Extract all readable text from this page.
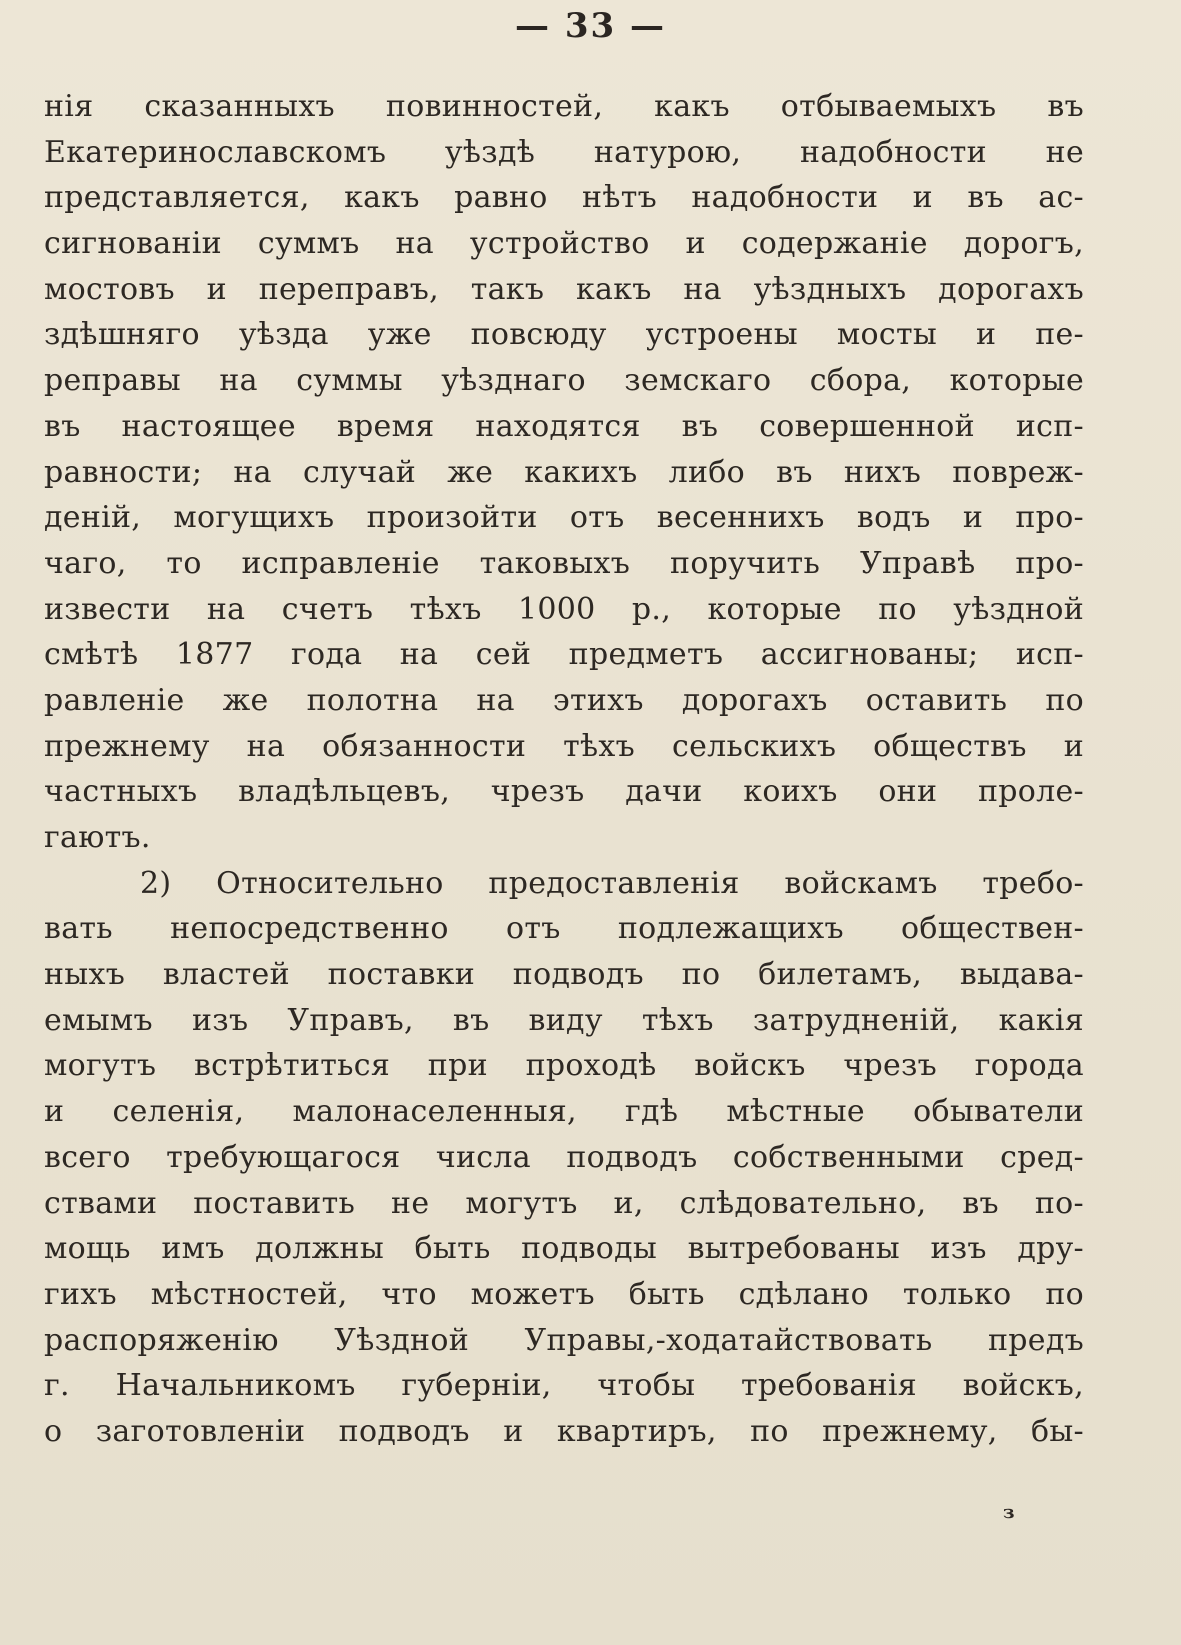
— 33 —
нія сказанныхъ повинностей, какъ отбываемыхъ въ
Екатеринославскомъ уѣздѣ натурою, надобности не
представляется, какъ равно нѣтъ надобности и въ ас-
сигнованіи суммъ на устройство и содержаніе дорогъ,
мостовъ и переправъ, такъ какъ на уѣздныхъ дорогахъ
здѣшняго уѣзда уже повсюду устроены мосты и пе-
реправы на суммы уѣзднаго земскаго сбора, которые
въ настоящее время находятся въ совершенной исп-
равности; на случай же какихъ либо въ нихъ повреж-
деній, могущихъ произойти отъ весеннихъ водъ и про-
чаго, то исправленіе таковыхъ поручить Управѣ про-
извести на счетъ тѣхъ 1000 р., которые по уѣздной
смѣтѣ 1877 года на сей предметъ ассигнованы; исп-
равленіе же полотна на этихъ дорогахъ оставить по
прежнему на обязанности тѣхъ сельскихъ обществъ и
частныхъ владѣльцевъ, чрезъ дачи коихъ они проле-
гаютъ.
2) Относительно предоставленія войскамъ требо-
вать непосредственно отъ подлежащихъ обществен-
ныхъ властей поставки подводъ по билетамъ, выдава-
емымъ изъ Управъ, въ виду тѣхъ затрудненій, какія
могутъ встрѣтиться при проходѣ войскъ чрезъ города
и селенія, малонаселенныя, гдѣ мѣстные обыватели
всего требующагося числа подводъ собственными сред-
ствами поставить не могутъ и, слѣдовательно, въ по-
мощь имъ должны быть подводы вытребованы изъ дру-
гихъ мѣстностей, что можетъ быть сдѣлано только по
распоряженію Уѣздной Управы,-ходатайствовать предъ
г. Начальникомъ губерніи, чтобы требованія войскъ,
о заготовленіи подводъ и квартиръ, по прежнему, бы-
з
